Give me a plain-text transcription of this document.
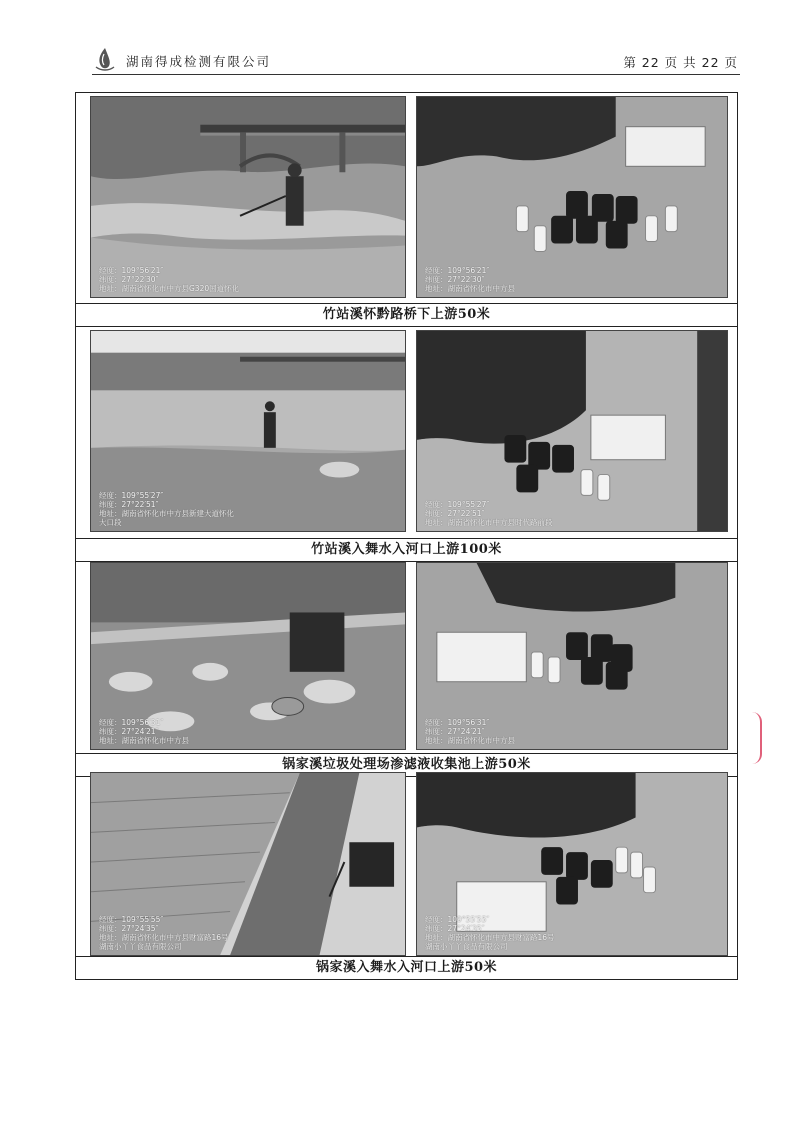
湖南得成检测有限公司	第 22 页 共 22 页
经度：109°56′21″
纬度：27°22′30″
地址：湖南省怀化市中方县G320国道怀化
经度：109°56′21″
纬度：27°22′30″
地址：湖南省怀化市中方县
竹站溪怀黔路桥下上游50米
经度：109°55′27″
纬度：27°22′51″
地址：湖南省怀化市中方县新建大道怀化
大口段
经度：109°55′27″
纬度：27°22′51″
地址：湖南省怀化市中方县时代路前段
竹站溪入舞水入河口上游100米
经度：109°56′31″
纬度：27°24′21″
地址：湖南省怀化市中方县
经度：109°56′31″
纬度：27°24′21″
地址：湖南省怀化市中方县
锅家溪垃圾处理场渗滤液收集池上游50米
经度：109°55′55″
纬度：27°24′35″
地址：湖南省怀化市中方县财富路16号
湖南小丫丫食品有限公司
经度：109°55′55″
纬度：27°24′35″
地址：湖南省怀化市中方县财富路16号
湖南小丫丫食品有限公司
锅家溪入舞水入河口上游50米
